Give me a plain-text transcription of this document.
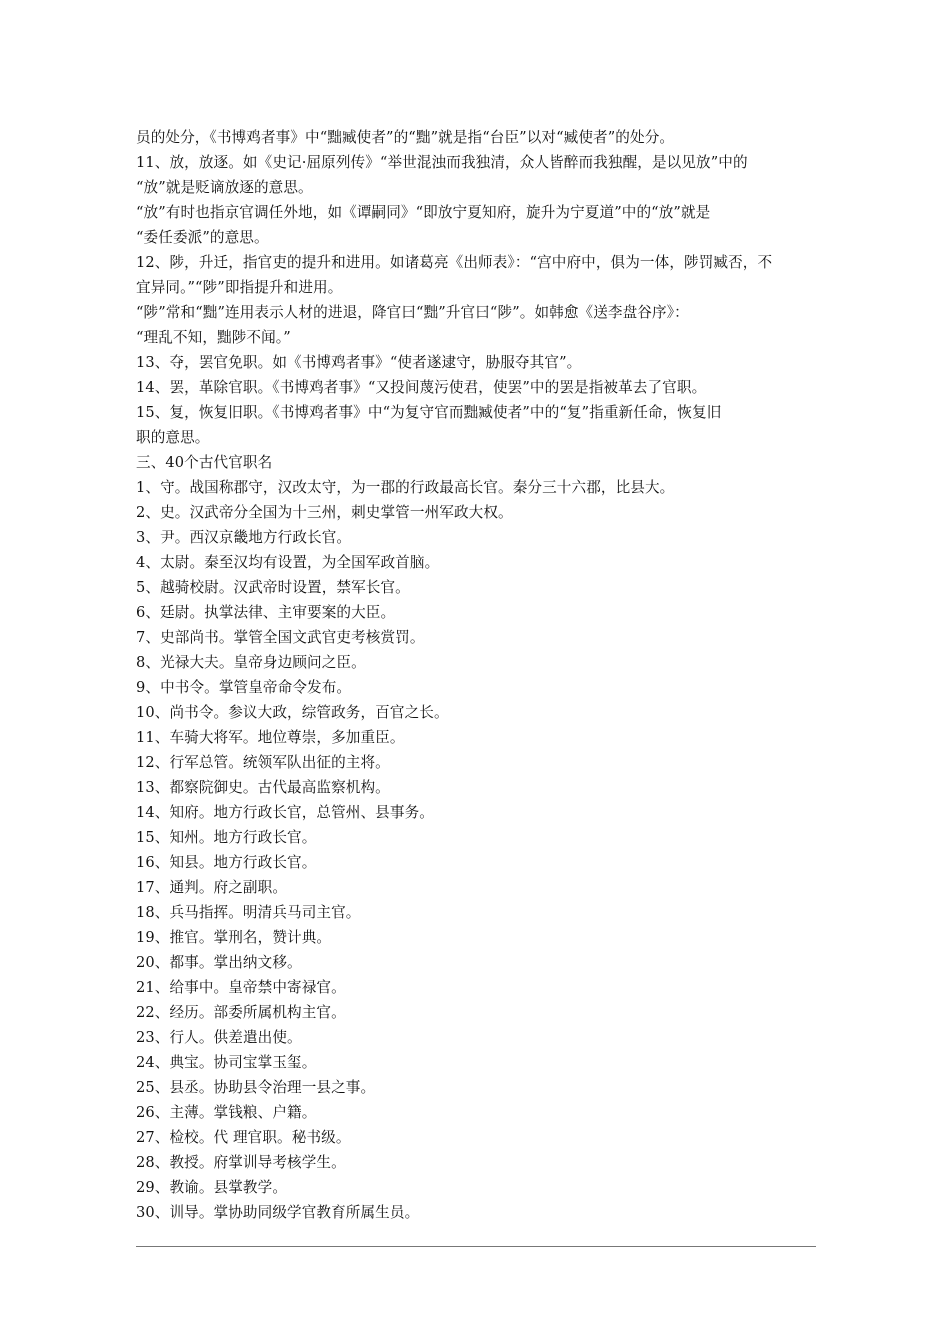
员的处分，《书博鸡者事》中“黜臧使者”的“黜”就是指“台臣”以对“臧使者”的处分。
11、放，放逐。如《史记·屈原列传》“举世混浊而我独清，众人皆醉而我独醒，是以见放”中的
“放”就是贬谪放逐的意思。
“放”有时也指京官调任外地，如《谭嗣同》“即放宁夏知府，旋升为宁夏道”中的“放”就是
“委任委派”的意思。
12、陟，升迁，指官吏的提升和进用。如诸葛亮《出师表》：“宫中府中，俱为一体，陟罚臧否，不
宜异同。”“陟”即指提升和进用。
“陟”常和“黜”连用表示人材的进退，降官曰“黜”升官曰“陟”。如韩愈《送李盘谷序》：
“理乱不知，黜陟不闻。”
13、夺，罢官免职。如《书博鸡者事》“使者遂逮守，胁服夺其官”。
14、罢，革除官职。《书博鸡者事》“又投间蔑污使君，使罢”中的罢是指被革去了官职。
15、复，恢复旧职。《书博鸡者事》中“为复守官而黜臧使者”中的“复”指重新任命，恢复旧
职的意思。
三、40个古代官职名
1、守。战国称郡守，汉改太守，为一郡的行政最高长官。秦分三十六郡，比县大。
2、史。汉武帝分全国为十三州，刺史掌管一州军政大权。
3、尹。西汉京畿地方行政长官。
4、太尉。秦至汉均有设置，为全国军政首脑。
5、越骑校尉。汉武帝时设置，禁军长官。
6、廷尉。执掌法律、主审要案的大臣。
7、史部尚书。掌管全国文武官吏考核赏罚。
8、光禄大夫。皇帝身边顾问之臣。
9、中书令。掌管皇帝命令发布。
10、尚书令。参议大政，综管政务，百官之长。
11、车骑大将军。地位尊崇，多加重臣。
12、行军总管。统领军队出征的主将。
13、都察院御史。古代最高监察机构。
14、知府。地方行政长官，总管州、县事务。
15、知州。地方行政长官。
16、知县。地方行政长官。
17、通判。府之副职。
18、兵马指挥。明清兵马司主官。
19、推官。掌刑名，赞计典。
20、都事。掌出纳文移。
21、给事中。皇帝禁中寄禄官。
22、经历。部委所属机构主官。
23、行人。供差遣出使。
24、典宝。协司宝掌玉玺。
25、县丞。协助县令治理一县之事。
26、主薄。掌钱粮、户籍。
27、检校。代 理官职。秘书级。
28、教授。府掌训导考核学生。
29、教谕。县掌教学。
30、训导。掌协助同级学官教育所属生员。
